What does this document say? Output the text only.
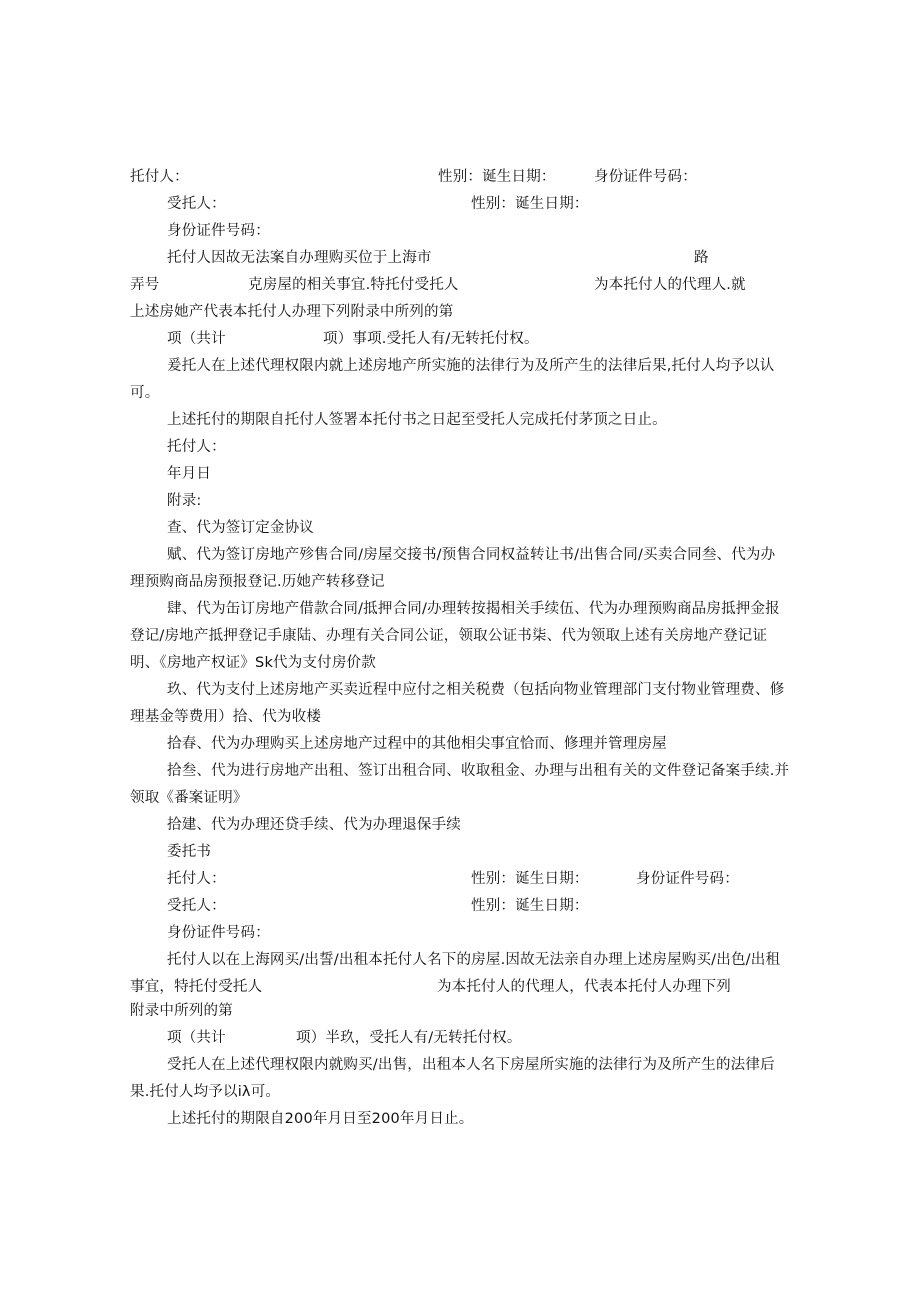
托付人：	性别：诞生日期：	身份证件号码：
受托人：	性别：诞生日期：
身份证件号码：
托付人因故无法案自办理购买位于上海市	路
弄号	克房屋的相关事宜.特托付受托人	为本托付人的代理人.就
上述房她产代表本托付人办理下列附录中所列的第
项（共计	项）事项.受托人有/无转托付权。
爰托人在上述代理权限内就上述房地产所实施的法律行为及所产生的法律后果,托付人均予以认
可。
上述托付的期限自托付人签署本托付书之日起至受托人完成托付茅顶之日止。
托付人：
年月日
附录:
查、代为签订定金协议
赋、代为签订房地产殄售合同/房屋交接书/预售合同权益转让书/出售合同/买卖合同叁、代为办
理预购商品房预报登记.历她产转移登记
肆、代为缶订房地产借款合同/抵押合同/办理转按揭相关手续伍、代为办理预购商品房抵押金报
登记/房地产抵押登记手康陆、办理有关合同公证，领取公证书柒、代为领取上述有关房地产登记证
明、《房地产权证》Sk代为支付房价款
玖、代为支付上述房地产买卖近程中应付之相关税费（包括向物业管理部门支付物业管理费、修
理基金等费用）拾、代为收楼
拾春、代为办理购买上述房地产过程中的其他相尖事宜恰而、修理并管理房屋
拾叁、代为进行房地产出租、签订出租合同、收取租金、办理与出租有关的文件登记备案手续.并
领取《番案证明》
拾建、代为办理还贷手续、代为办理退保手续
委托书
托付人：	性别：诞生日期：	身份证件号码：
受托人：	性别：诞生日期：
身份证件号码：
托付人以在上海网买/出誓/出租本托付人名下的房屋.因故无法亲自办理上述房屋购买/出色/出租
事宜，特托付受托人	为本托付人的代理人，代表本托付人办理下列
附录中所列的第
项（共计	项）半玖，受托人有/无转托付权。
受托人在上述代理权限内就购买/出售，出租本人名下房屋所实施的法律行为及所产生的法律后
果.托付人均予以iλ可。
上述托付的期限自200年月日至200年月日止。
